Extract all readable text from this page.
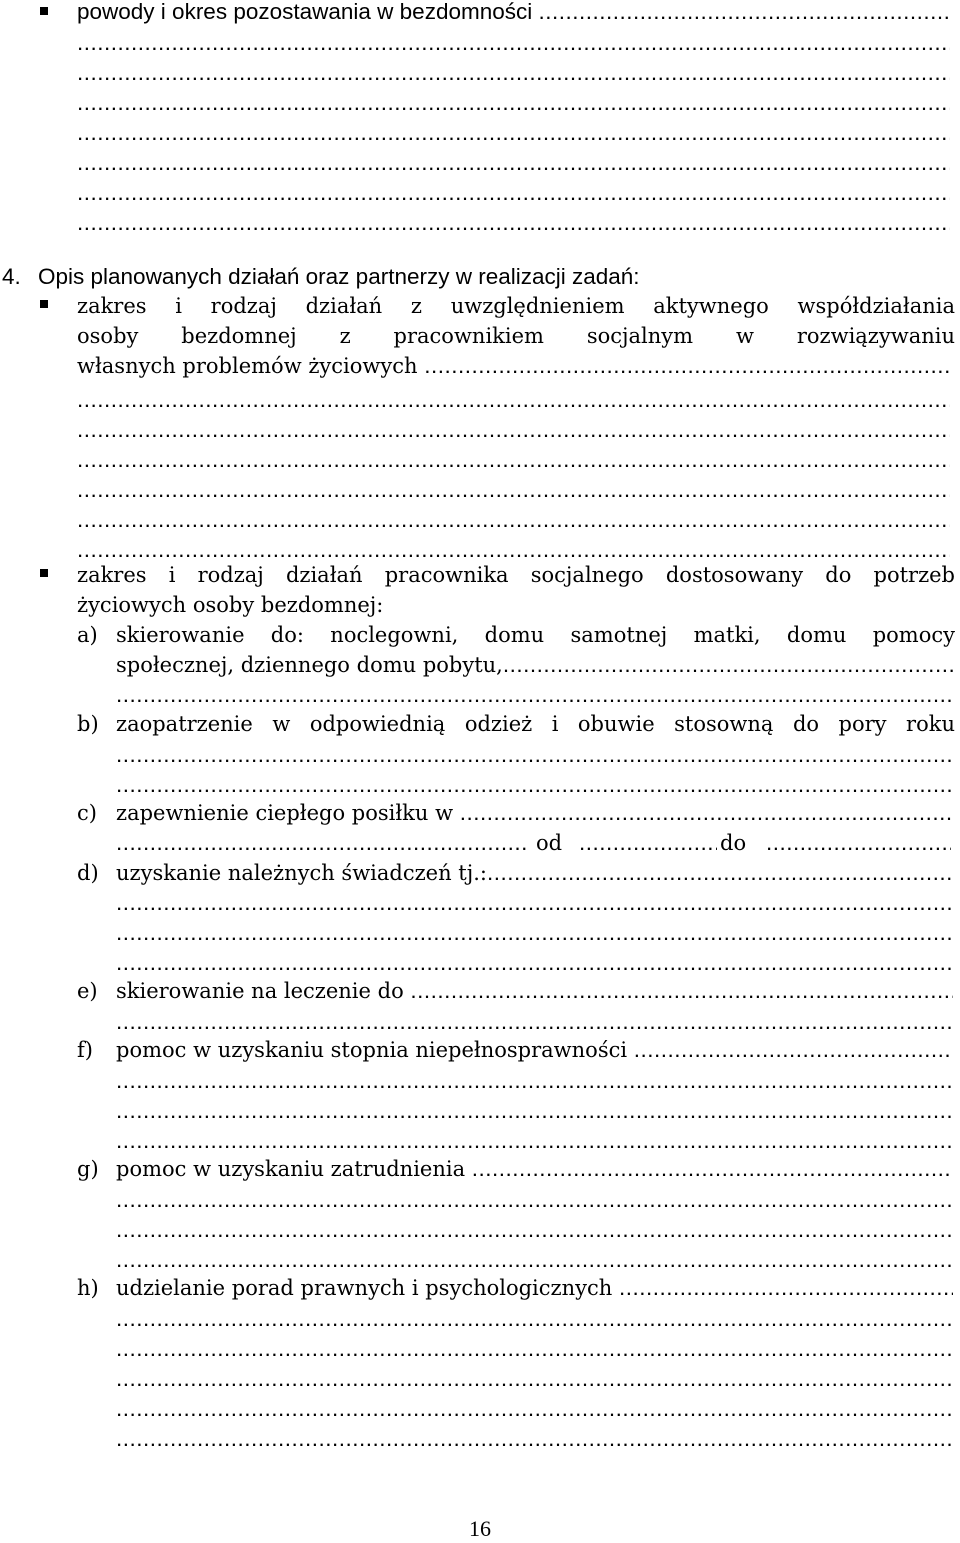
powody i okres pozostawania w bezdomności

.....
.....
.....
.....
.....
.....
.....
.....
4. Opis planowanych działań oraz partnerzy w realizacji zadań:
zakres i rodzaj działań z uwzględnieniem aktywnego współdziałania
osoby bezdomnej z pracownikiem socjalnym w rozwiązywaniu
własnych problemów życiowych

.....
.....
.....
.....
.....
.....
.....
zakres i rodzaj działań pracownika socjalnego dostosowany do potrzeb
życiowych osoby bezdomnej:
a) skierowanie do: noclegowni, domu samotnej matki, domu pomocy
społecznej, dziennego domu pobytu,
.....
.....
b) zaopatrzenie w odpowiednią odzież i obuwie stosowną do pory roku
.....
.....
c) zapewnienie ciepłego posiłku w

.....
.....
od
.....	do
.....
d) uzyskanie należnych świadczeń tj.:
.....
.....
.....
.....
e) skierowanie na leczenie do

.....
.....
f) pomoc w uzyskaniu stopnia niepełnosprawności

.....
.....
.....
.....
g) pomoc w uzyskaniu zatrudnienia

.....
.....
.....
.....
h) udzielanie porad prawnych i psychologicznych

.....
.....
.....
.....
.....
.....
16
